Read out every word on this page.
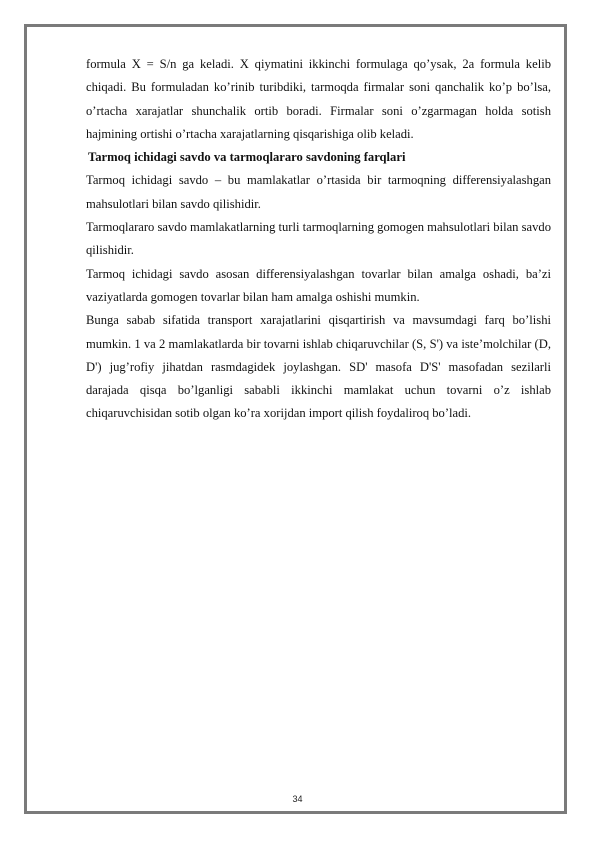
formula X = S/n ga keladi. X qiymatini ikkinchi formulaga qo’ysak, 2a formula kelib chiqadi. Bu formuladan ko’rinib turibdiki, tarmoqda firmalar soni qanchalik ko’p bo’lsa, o’rtacha xarajatlar shunchalik ortib boradi. Firmalar soni o’zgarmagan holda sotish hajmining ortishi o’rtacha xarajatlarning qisqarishiga olib keladi.

Tarmoq ichidagi savdo va tarmoqlararo savdoning farqlari

Tarmoq ichidagi savdo – bu mamlakatlar o’rtasida bir tarmoqning differensiyalashgan mahsulotlari bilan savdo qilishidir.

Tarmoqlararo savdo mamlakatlarning turli tarmoqlarning gomogen mahsulotlari bilan savdo qilishidir.

Tarmoq ichidagi savdo asosan differensiyalashgan tovarlar bilan amalga oshadi, ba’zi vaziyatlarda gomogen tovarlar bilan ham amalga oshishi mumkin.

Bunga sabab sifatida transport xarajatlarini qisqartirish va mavsumdagi farq bo’lishi mumkin. 1 va 2 mamlakatlarda bir tovarni ishlab chiqaruvchilar (S, S') va iste’molchilar (D, D') jug’rofiy jihatdan rasmdagidek joylashgan. SD' masofa D'S' masofadan sezilarli darajada qisqa bo’lganligi sababli ikkinchi mamlakat uchun tovarni o’z ishlab chiqaruvchisidan sotib olgan ko’ra xorijdan import qilish foydaliroq bo’ladi.

34
